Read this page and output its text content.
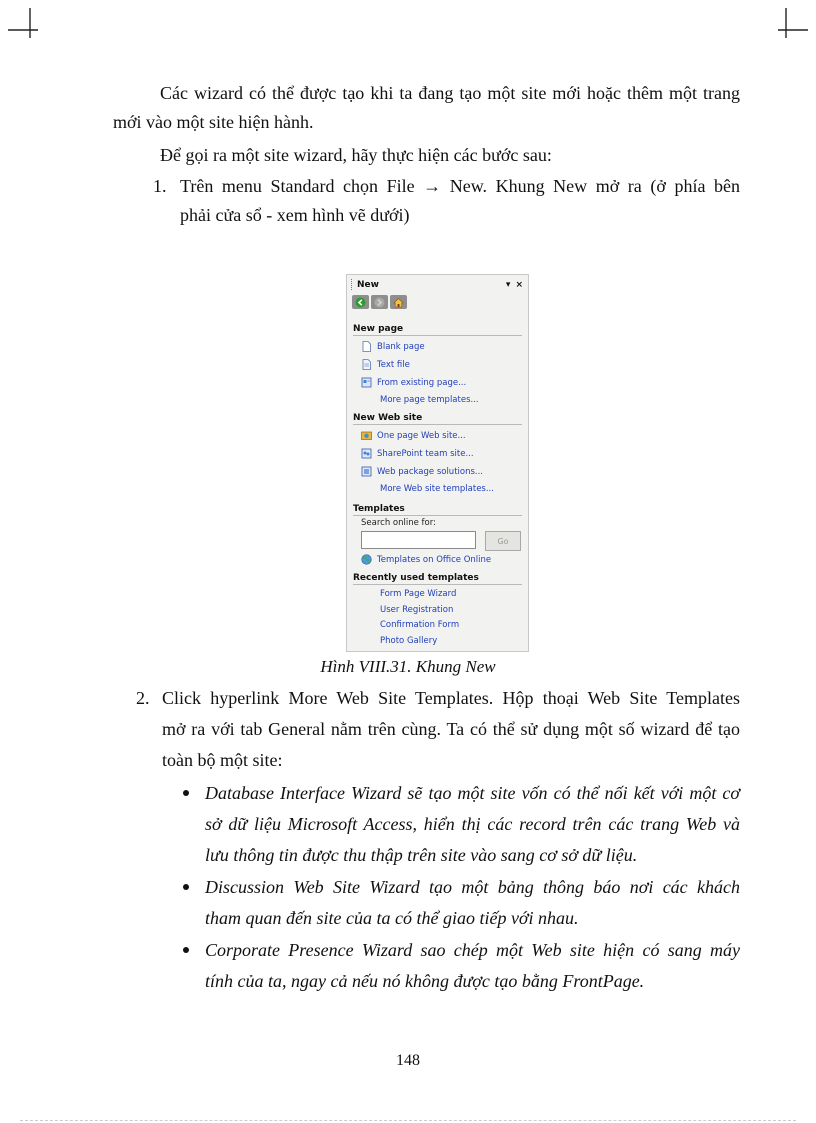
Các wizard có thể được tạo khi ta đang tạo một site mới hoặc thêm một trang
mới vào một site hiện hành.
Để gọi ra một site wizard, hãy thực hiện các bước sau:
1. Trên menu Standard chọn File → New. Khung New mở ra (ở phía bên
phải cửa sổ - xem hình vẽ dưới)
New	▾ ×
New page
Blank page
Text file
From existing page...
More page templates...
New Web site
One page Web site...
SharePoint team site...
Web package solutions...
More Web site templates...
Templates
Search online for:
Go
Templates on Office Online
Recently used templates
Form Page Wizard
User Registration
Confirmation Form
Photo Gallery
Hình VIII.31. Khung New
2. Click hyperlink More Web Site Templates. Hộp thoại Web Site Templates
mở ra với tab General nằm trên cùng. Ta có thể sử dụng một số wizard để tạo
toàn bộ một site:
Database Interface Wizard sẽ tạo một site vốn có thể nối kết với một cơ
sở dữ liệu Microsoft Access, hiển thị các record trên các trang Web và
lưu thông tin được thu thập trên site vào sang cơ sở dữ liệu.
Discussion Web Site Wizard tạo một bảng thông báo nơi các khách
tham quan đến site của ta có thể giao tiếp với nhau.
Corporate Presence Wizard sao chép một Web site hiện có sang máy
tính của ta, ngay cả nếu nó không được tạo bằng FrontPage.
148
